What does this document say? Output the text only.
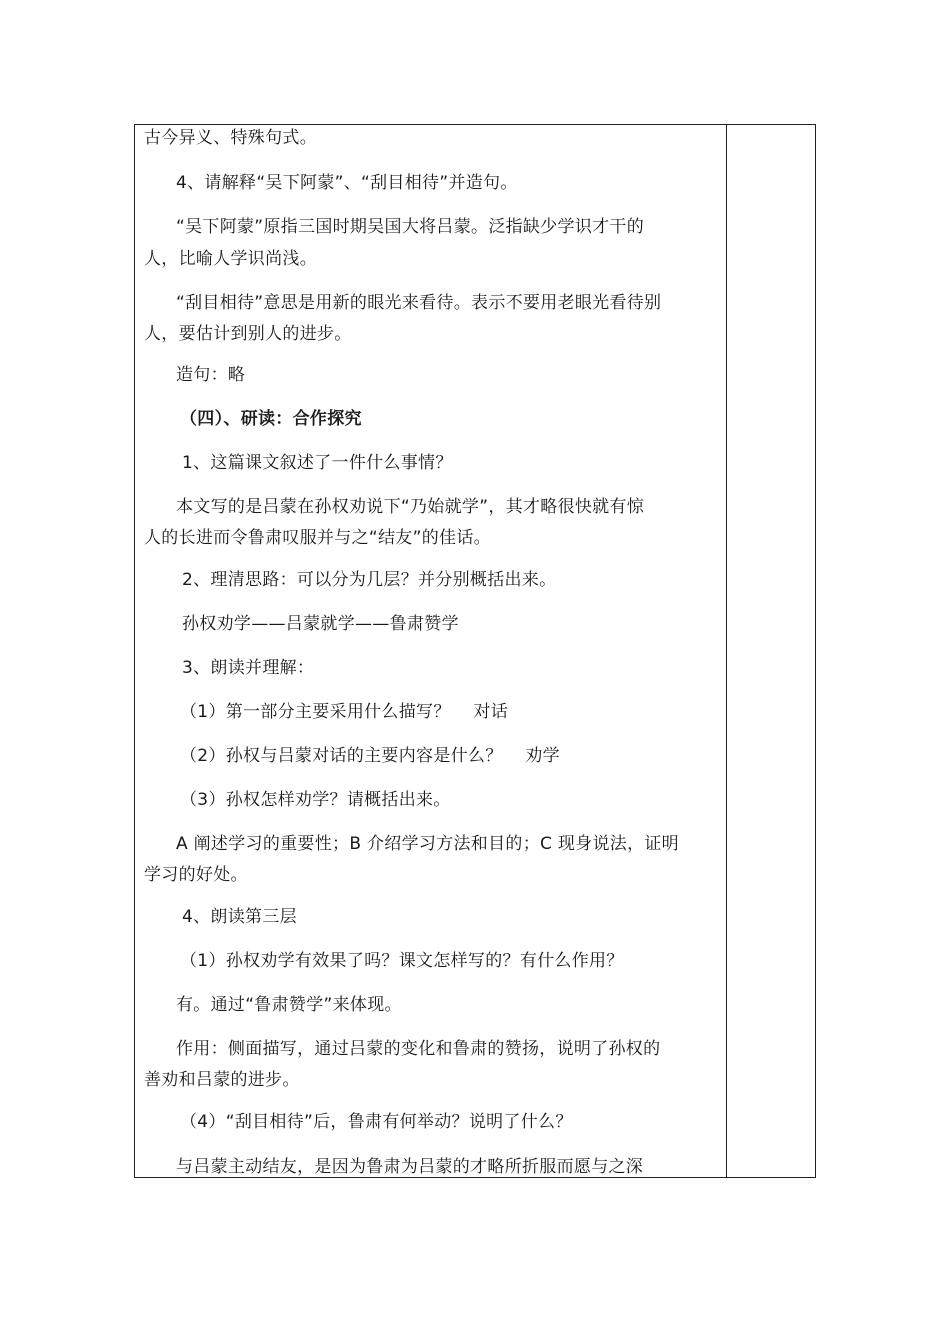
古今异义、特殊句式。
4、请解释“吴下阿蒙”、“刮目相待”并造句。
“吴下阿蒙”原指三国时期吴国大将吕蒙。泛指缺少学识才干的
人，比喻人学识尚浅。
“刮目相待”意思是用新的眼光来看待。表示不要用老眼光看待别
人，要估计到别人的进步。
造句：略
（四）、研读：合作探究
1、这篇课文叙述了一件什么事情？
本文写的是吕蒙在孙权劝说下“乃始就学”，其才略很快就有惊
人的长进而令鲁肃叹服并与之“结友”的佳话。
2、理清思路：可以分为几层？并分别概括出来。
孙权劝学——吕蒙就学——鲁肃赞学
3、朗读并理解：
（1）第一部分主要采用什么描写？    对话
（2）孙权与吕蒙对话的主要内容是什么？    劝学
（3）孙权怎样劝学？请概括出来。
A 阐述学习的重要性；B 介绍学习方法和目的；C 现身说法，证明
学习的好处。
4、朗读第三层
（1）孙权劝学有效果了吗？课文怎样写的？有什么作用？
有。通过“鲁肃赞学”来体现。
作用：侧面描写，通过吕蒙的变化和鲁肃的赞扬，说明了孙权的
善劝和吕蒙的进步。
（4）“刮目相待”后，鲁肃有何举动？说明了什么？
与吕蒙主动结友，是因为鲁肃为吕蒙的才略所折服而愿与之深
